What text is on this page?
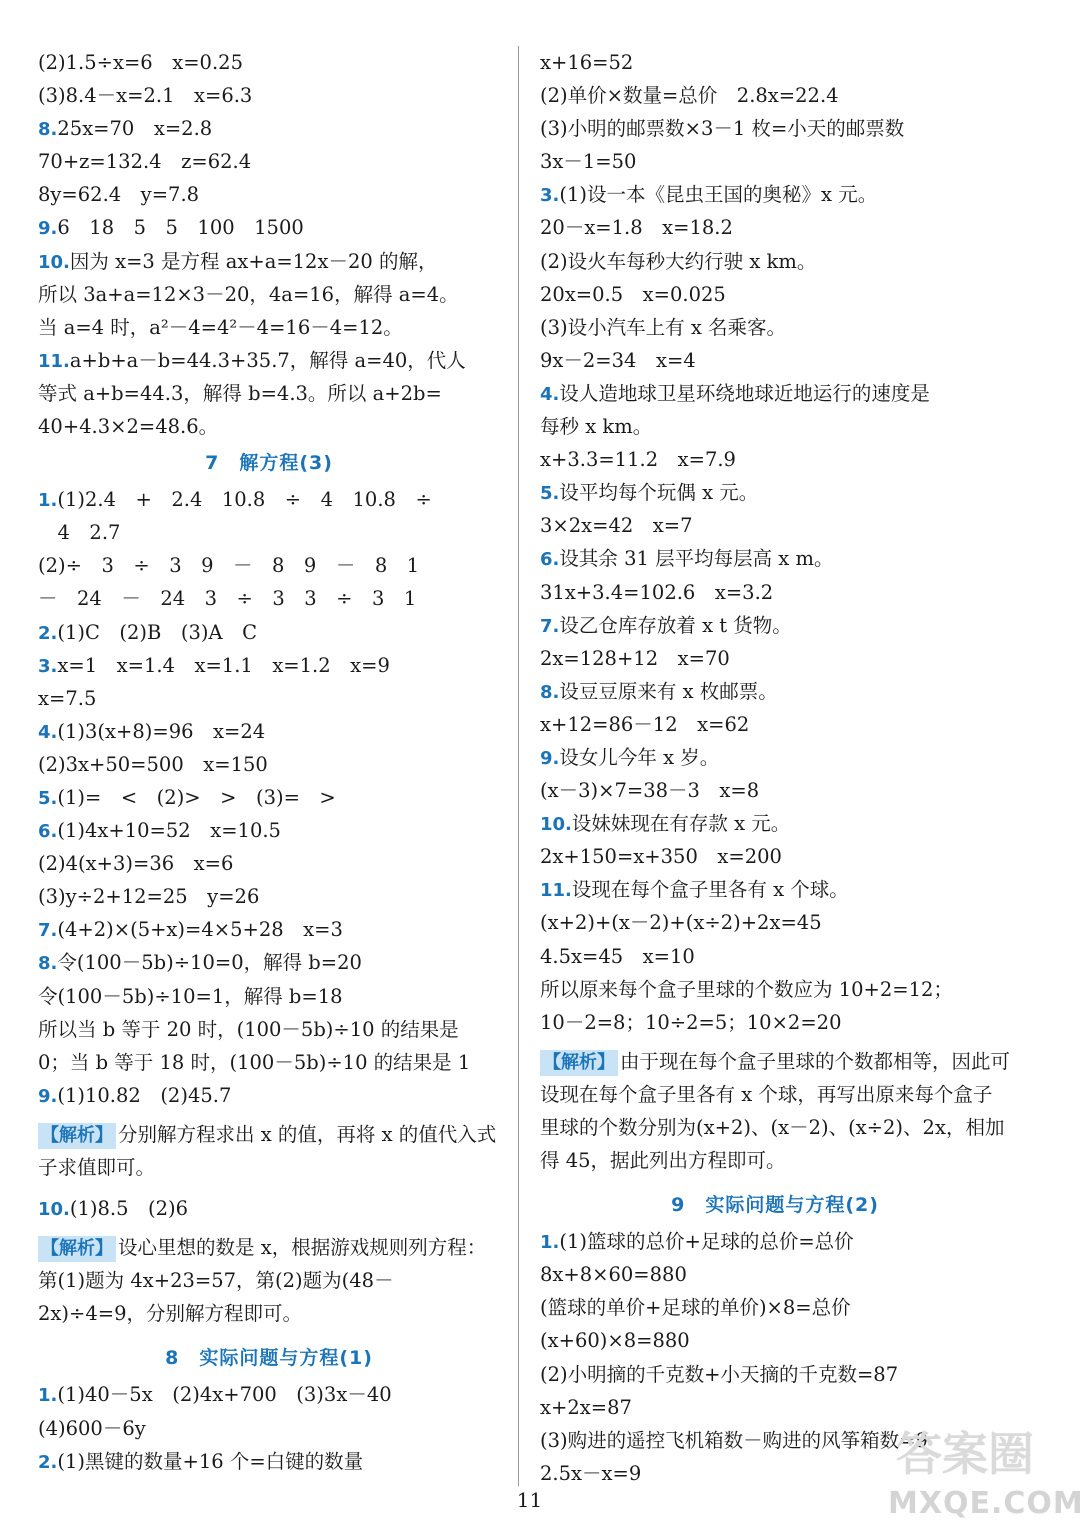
(2)1.5÷x=6　x=0.25
(3)8.4－x=2.1　x=6.3
8.25x=70　x=2.8
70+z=132.4　z=62.4
8y=62.4　y=7.8
9.6　18　5　5　100　1500
10.因为 x=3 是方程 ax+a=12x－20 的解，
所以 3a+a=12×3－20，4a=16，解得 a=4。
当 a=4 时，a²－4=4²－4=16－4=12。
11.a+b+a－b=44.3+35.7，解得 a=40，代人
等式 a+b=44.3，解得 b=4.3。所以 a+2b=
40+4.3×2=48.6。
7　解方程(3)
1.(1)2.4　+　2.4　10.8　÷　4　10.8　÷
　4　2.7
(2)÷　3　÷　3　9　－　8　9　－　8　1
－　24　－　24　3　÷　3　3　÷　3　1
2.(1)C　(2)B　(3)A　C
3.x=1　x=1.4　x=1.1　x=1.2　x=9
x=7.5
4.(1)3(x+8)=96　x=24
(2)3x+50=500　x=150
5.(1)=　<　(2)>　>　(3)=　>
6.(1)4x+10=52　x=10.5
(2)4(x+3)=36　x=6
(3)y÷2+12=25　y=26
7.(4+2)×(5+x)=4×5+28　x=3
8.令(100－5b)÷10=0，解得 b=20
令(100－5b)÷10=1，解得 b=18
所以当 b 等于 20 时，(100－5b)÷10 的结果是
0；当 b 等于 18 时，(100－5b)÷10 的结果是 1
9.(1)10.82　(2)45.7
【解析】 分别解方程求出 x 的值，再将 x 的值代入式子求值即可。
10.(1)8.5　(2)6
【解析】 设心里想的数是 x，根据游戏规则列方程：第(1)题为 4x+23=57，第(2)题为(48－2x)÷4=9，分别解方程即可。
8　实际问题与方程(1)
1.(1)40－5x　(2)4x+700　(3)3x－40
(4)600－6y
2.(1)黑键的数量+16 个=白键的数量
x+16=52
(2)单价×数量=总价　2.8x=22.4
(3)小明的邮票数×3－1 枚=小天的邮票数
3x－1=50
3.(1)设一本《昆虫王国的奥秘》x 元。
20－x=1.8　x=18.2
(2)设火车每秒大约行驶 x km。
20x=0.5　x=0.025
(3)设小汽车上有 x 名乘客。
9x－2=34　x=4
4.设人造地球卫星环绕地球近地运行的速度是
每秒 x km。
x+3.3=11.2　x=7.9
5.设平均每个玩偶 x 元。
3×2x=42　x=7
6.设其余 31 层平均每层高 x m。
31x+3.4=102.6　x=3.2
7.设乙仓库存放着 x t 货物。
2x=128+12　x=70
8.设豆豆原来有 x 枚邮票。
x+12=86－12　x=62
9.设女儿今年 x 岁。
(x－3)×7=38－3　x=8
10.设妹妹现在有存款 x 元。
2x+150=x+350　x=200
11.设现在每个盒子里各有 x 个球。
(x+2)+(x－2)+(x÷2)+2x=45
4.5x=45　x=10
所以原来每个盒子里球的个数应为 10+2=12；
10－2=8；10÷2=5；10×2=20
【解析】 由于现在每个盒子里球的个数都相等，因此可设现在每个盒子里各有 x 个球，再写出原来每个盒子里球的个数分别为(x+2)、(x－2)、(x÷2)、2x，相加得 45，据此列出方程即可。
9　实际问题与方程(2)
1.(1)篮球的总价+足球的总价=总价
8x+8×60=880
(篮球的单价+足球的单价)×8=总价
(x+60)×8=880
(2)小明摘的千克数+小天摘的千克数=87
x+2x=87
(3)购进的遥控飞机箱数－购进的风筝箱数=9
2.5x－x=9
11
答案圈
MXQE.COM
